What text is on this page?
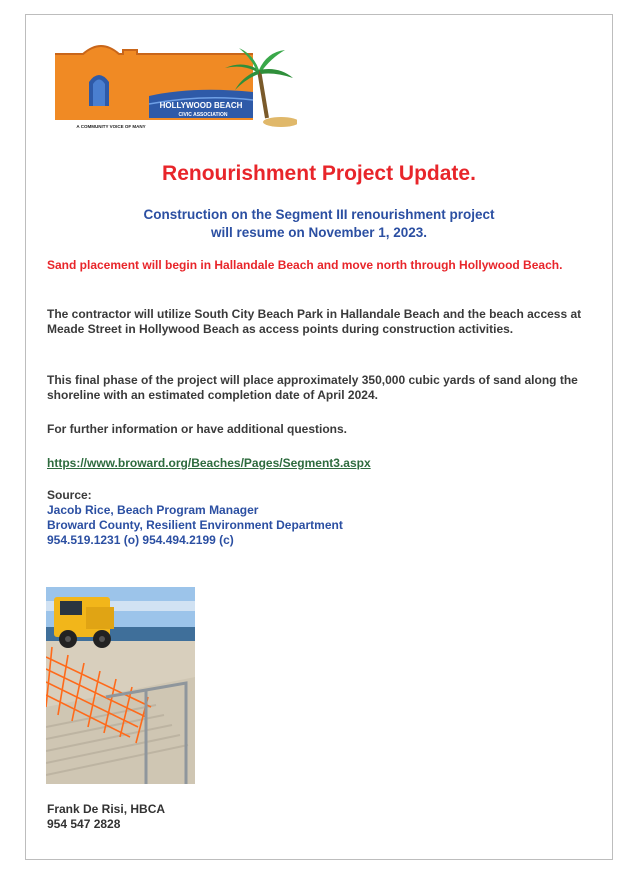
HOLLYWOOD BEACH
CIVIC ASSOCIATION
A COMMUNITY VOICE OF MANY
Renourishment Project Update.
Construction on the Segment III renourishment project
will resume on November 1, 2023.

Sand placement will begin in Hallandale Beach and move north through Hollywood Beach.

The contractor will utilize South City Beach Park in Hallandale Beach and the beach access at Meade Street in Hollywood Beach as access points during construction activities.

This final phase of the project will place approximately 350,000 cubic yards of sand along the shoreline with an estimated completion date of April 2024.

For further information or have additional questions.

https://www.broward.org/Beaches/Pages/Segment3.aspx

Source:
Jacob Rice, Beach Program Manager
Broward County, Resilient Environment Department
954.519.1231 (o) 954.494.2199 (c)
Frank De Risi, HBCA
954 547 2828
